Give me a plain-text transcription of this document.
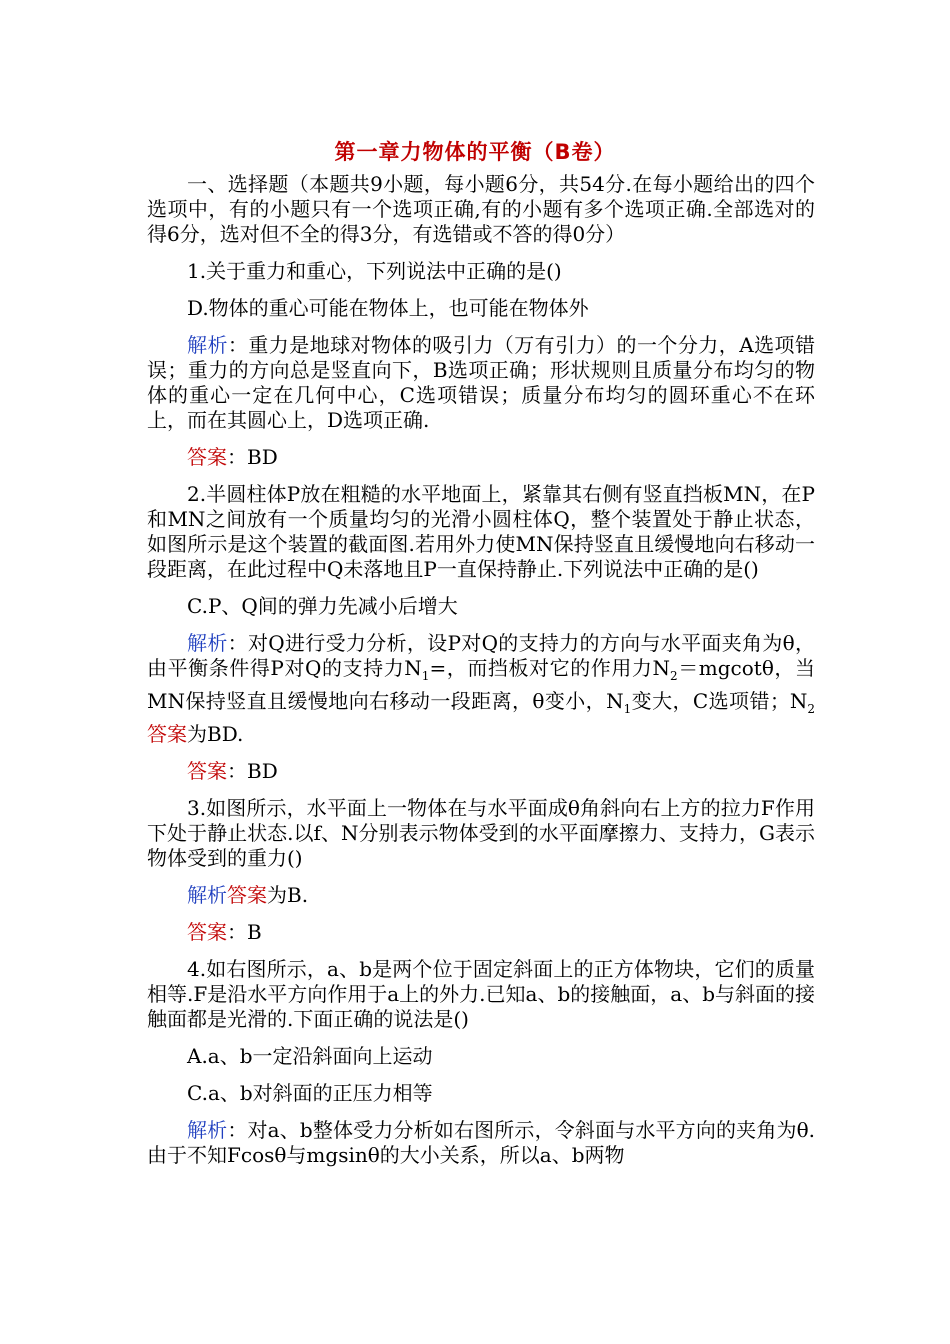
第一章力物体的平衡（B卷）

一、选择题（本题共9小题，每小题6分，共54分.在每小题给出的四个选项中，有的小题只有一个选项正确,有的小题有多个选项正确.全部选对的得6分，选对但不全的得3分，有选错或不答的得0分）

1.关于重力和重心，下列说法中正确的是()

D.物体的重心可能在物体上，也可能在物体外

解析：重力是地球对物体的吸引力（万有引力）的一个分力，A选项错误；重力的方向总是竖直向下，B选项正确；形状规则且质量分布均匀的物体的重心一定在几何中心，C选项错误；质量分布均匀的圆环重心不在环上，而在其圆心上，D选项正确.

答案：BD

2.半圆柱体P放在粗糙的水平地面上，紧靠其右侧有竖直挡板MN，在P和MN之间放有一个质量均匀的光滑小圆柱体Q，整个装置处于静止状态，如图所示是这个装置的截面图.若用外力使MN保持竖直且缓慢地向右移动一段距离，在此过程中Q未落地且P一直保持静止.下列说法中正确的是()

C.P、Q间的弹力先减小后增大

解析：对Q进行受力分析，设P对Q的支持力的方向与水平面夹角为θ，由平衡条件得P对Q的支持力$N_1=$，而挡板对它的作用力$N_2=mgcot\theta$，当MN保持竖直且缓慢地向右移动一段距离，θ变小，$N_1$变大，C选项错；$N_2$答案为BD.

答案：BD

3.如图所示，水平面上一物体在与水平面成θ角斜向右上方的拉力F作用下处于静止状态.以f、N分别表示物体受到的水平面摩擦力、支持力，G表示物体受到的重力()

解析答案为B.

答案：B

4.如右图所示，a、b是两个位于固定斜面上的正方体物块，它们的质量相等.F是沿水平方向作用于a上的外力.已知a、b的接触面，a、b与斜面的接触面都是光滑的.下面正确的说法是()

A.a、b一定沿斜面向上运动

C.a、b对斜面的正压力相等

解析：对a、b整体受力分析如右图所示，令斜面与水平方向的夹角为θ.由于不知Fcosθ与mgsinθ的大小关系，所以a、b两物
